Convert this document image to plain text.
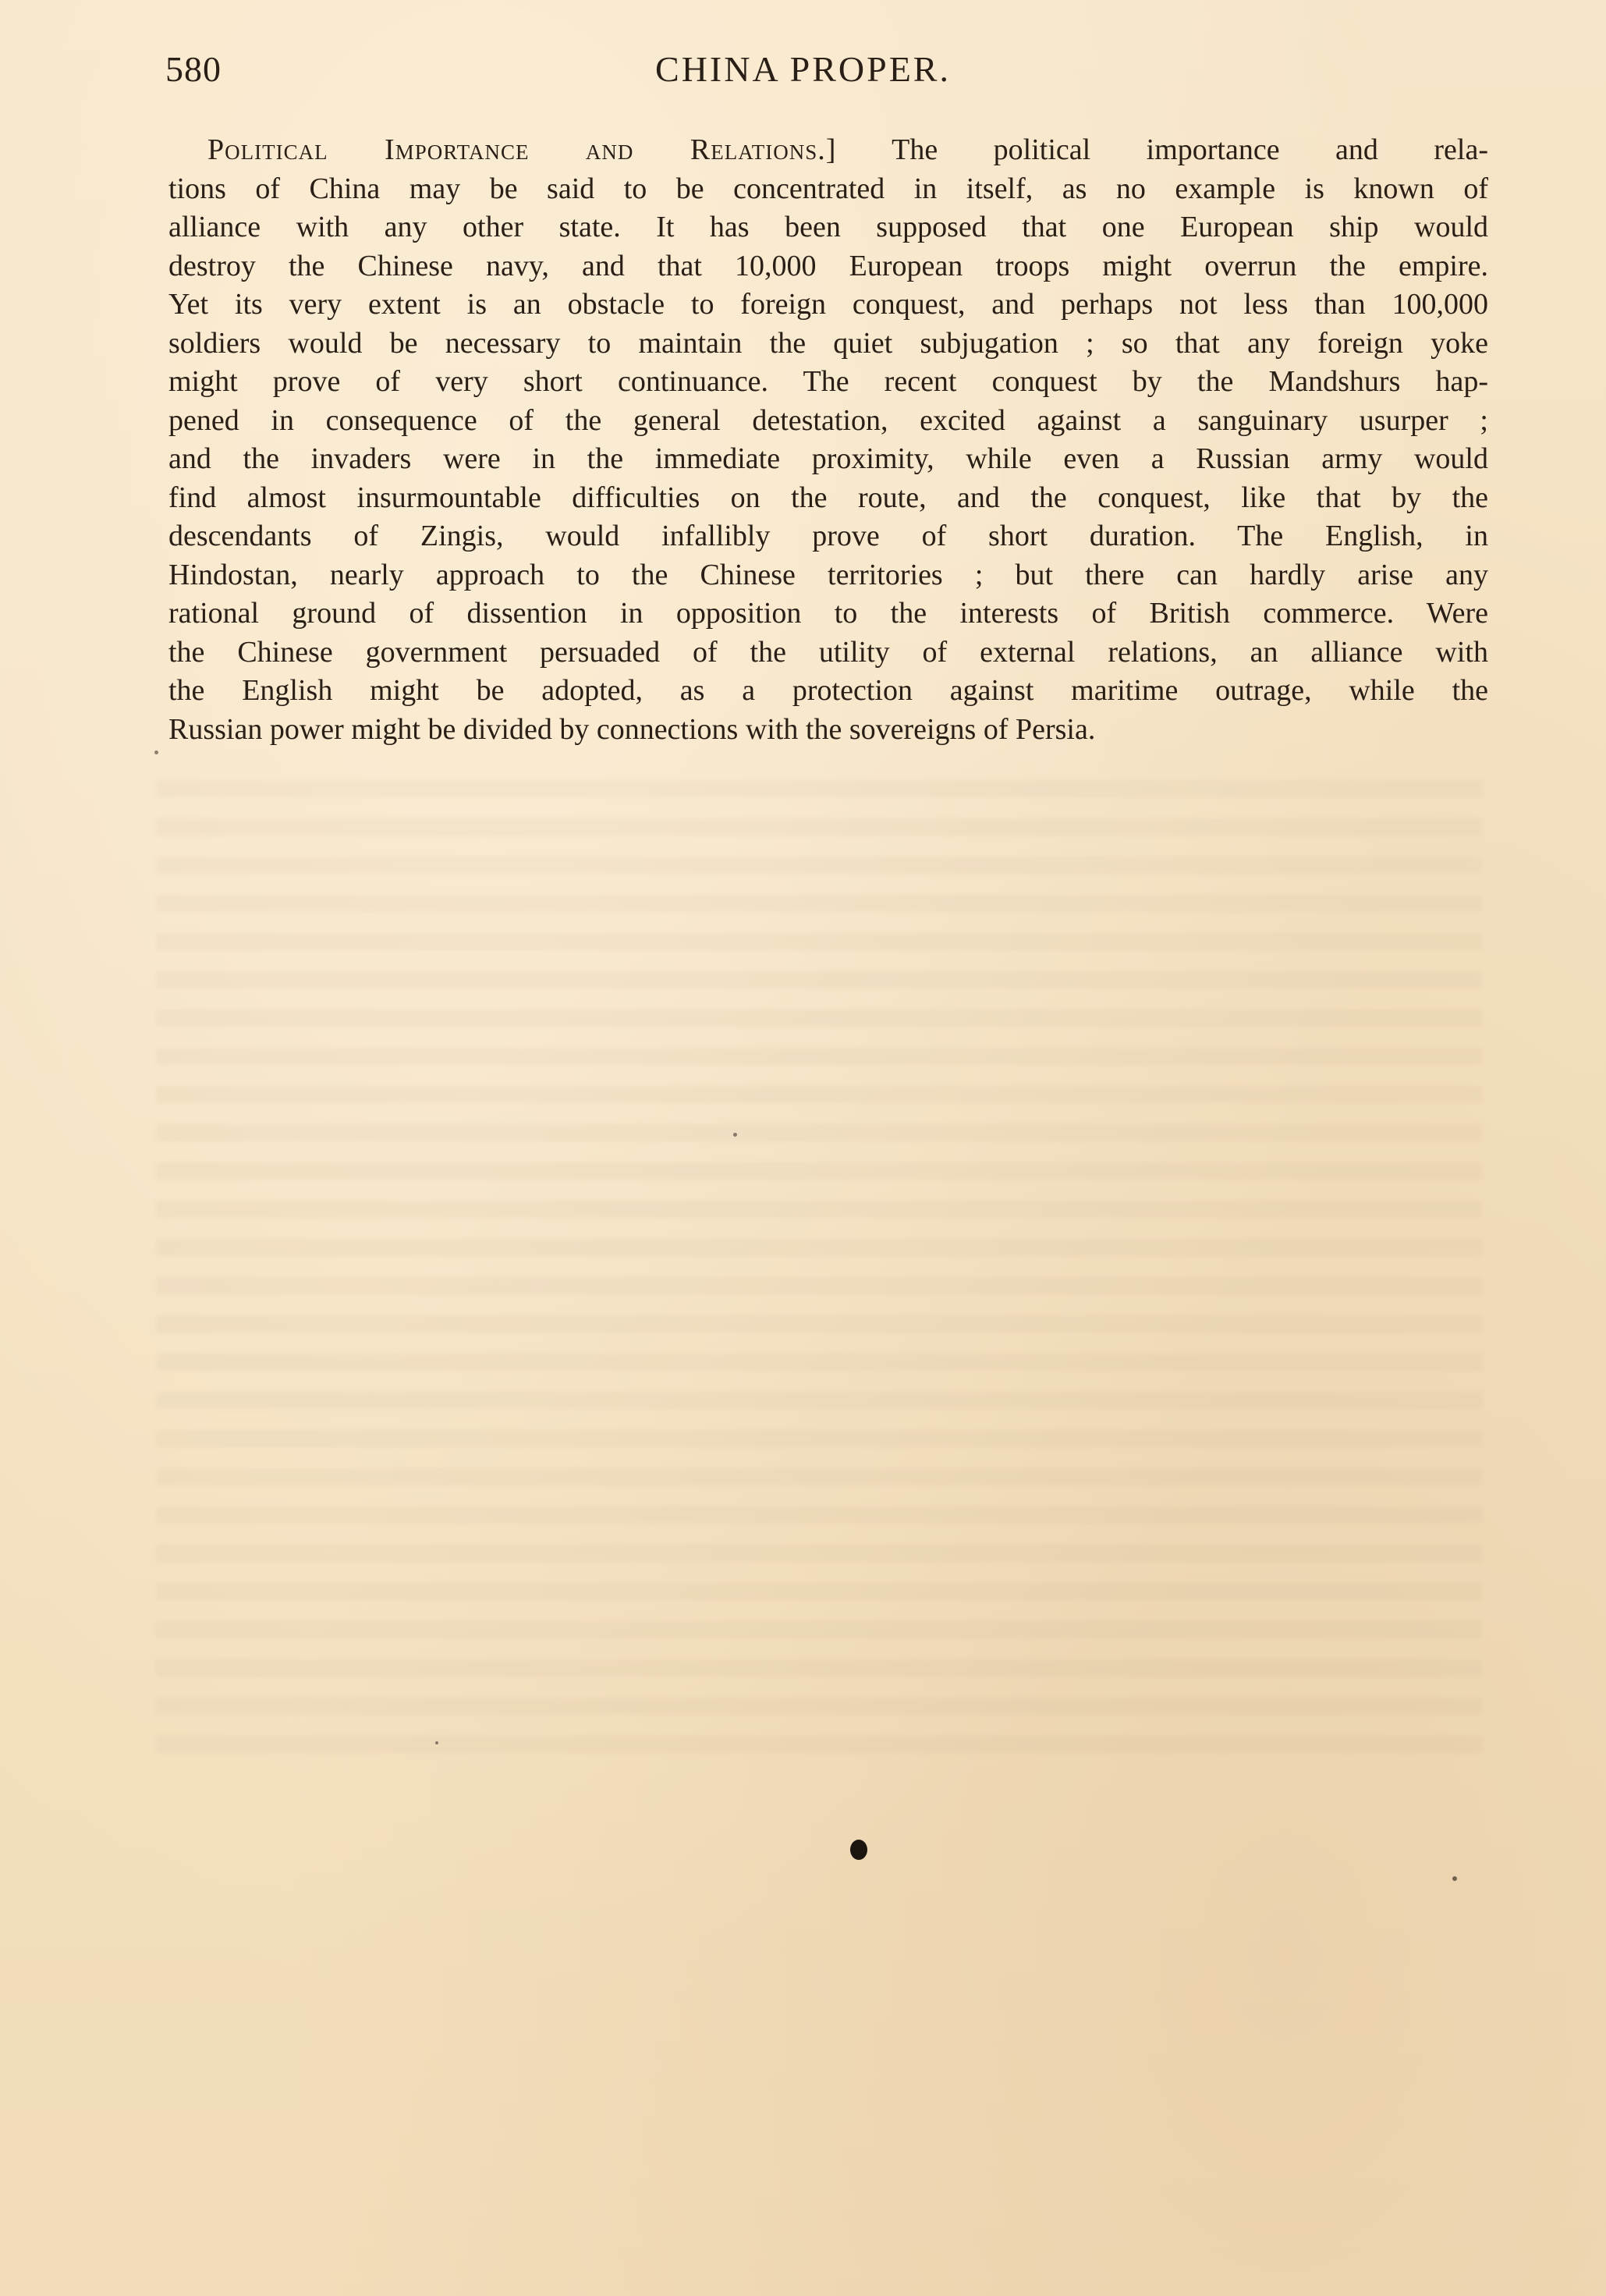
580	CHINA PROPER.
Political Importance and Relations.] The political importance and rela-
tions of China may be said to be concentrated in itself, as no example is known of
alliance with any other state. It has been supposed that one European ship would
destroy the Chinese navy, and that 10,000 European troops might overrun the empire.
Yet its very extent is an obstacle to foreign conquest, and perhaps not less than 100,000
soldiers would be necessary to maintain the quiet subjugation ; so that any foreign yoke
might prove of very short continuance. The recent conquest by the Mandshurs hap-
pened in consequence of the general detestation, excited against a sanguinary usurper ;
and the invaders were in the immediate proximity, while even a Russian army would
find almost insurmountable difficulties on the route, and the conquest, like that by the
descendants of Zingis, would infallibly prove of short duration. The English, in
Hindostan, nearly approach to the Chinese territories ; but there can hardly arise any
rational ground of dissention in opposition to the interests of British commerce. Were
the Chinese government persuaded of the utility of external relations, an alliance with
the English might be adopted, as a protection against maritime outrage, while the
Russian power might be divided by connections with the sovereigns of Persia.
